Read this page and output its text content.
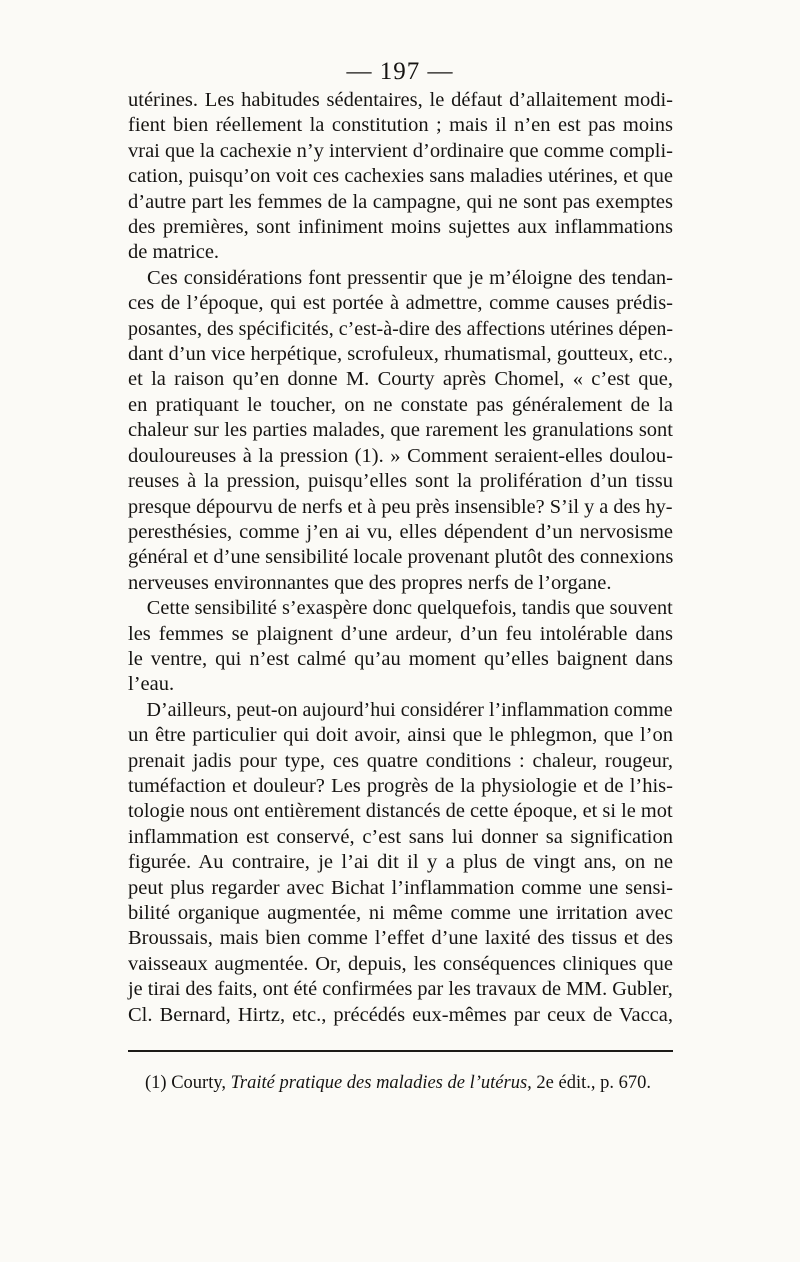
— 197 —
utérines. Les habitudes sédentaires, le défaut d’allaitement modi-
fient bien réellement la constitution ; mais il n’en est pas moins
vrai que la cachexie n’y intervient d’ordinaire que comme compli-
cation, puisqu’on voit ces cachexies sans maladies utérines, et que
d’autre part les femmes de la campagne, qui ne sont pas exemptes
des premières, sont infiniment moins sujettes aux inflammations
de matrice.
Ces considérations font pressentir que je m’éloigne des tendan-
ces de l’époque, qui est portée à admettre, comme causes prédis-
posantes, des spécificités, c’est-à-dire des affections utérines dépen-
dant d’un vice herpétique, scrofuleux, rhumatismal, goutteux, etc.,
et la raison qu’en donne M. Courty après Chomel, « c’est que,
en pratiquant le toucher, on ne constate pas généralement de la
chaleur sur les parties malades, que rarement les granulations sont
douloureuses à la pression (1). » Comment seraient-elles doulou-
reuses à la pression, puisqu’elles sont la prolifération d’un tissu
presque dépourvu de nerfs et à peu près insensible? S’il y a des hy-
peresthésies, comme j’en ai vu, elles dépendent d’un nervosisme
général et d’une sensibilité locale provenant plutôt des connexions
nerveuses environnantes que des propres nerfs de l’organe.
Cette sensibilité s’exaspère donc quelquefois, tandis que souvent
les femmes se plaignent d’une ardeur, d’un feu intolérable dans
le ventre, qui n’est calmé qu’au moment qu’elles baignent dans
l’eau.
D’ailleurs, peut-on aujourd’hui considérer l’inflammation comme
un être particulier qui doit avoir, ainsi que le phlegmon, que l’on
prenait jadis pour type, ces quatre conditions : chaleur, rougeur,
tuméfaction et douleur? Les progrès de la physiologie et de l’his-
tologie nous ont entièrement distancés de cette époque, et si le mot
inflammation est conservé, c’est sans lui donner sa signification
figurée. Au contraire, je l’ai dit il y a plus de vingt ans, on ne
peut plus regarder avec Bichat l’inflammation comme une sensi-
bilité organique augmentée, ni même comme une irritation avec
Broussais, mais bien comme l’effet d’une laxité des tissus et des
vaisseaux augmentée. Or, depuis, les conséquences cliniques que
je tirai des faits, ont été confirmées par les travaux de MM. Gubler,
Cl. Bernard, Hirtz, etc., précédés eux-mêmes par ceux de Vacca,
(1) Courty, Traité pratique des maladies de l’utérus, 2e édit., p. 670.
